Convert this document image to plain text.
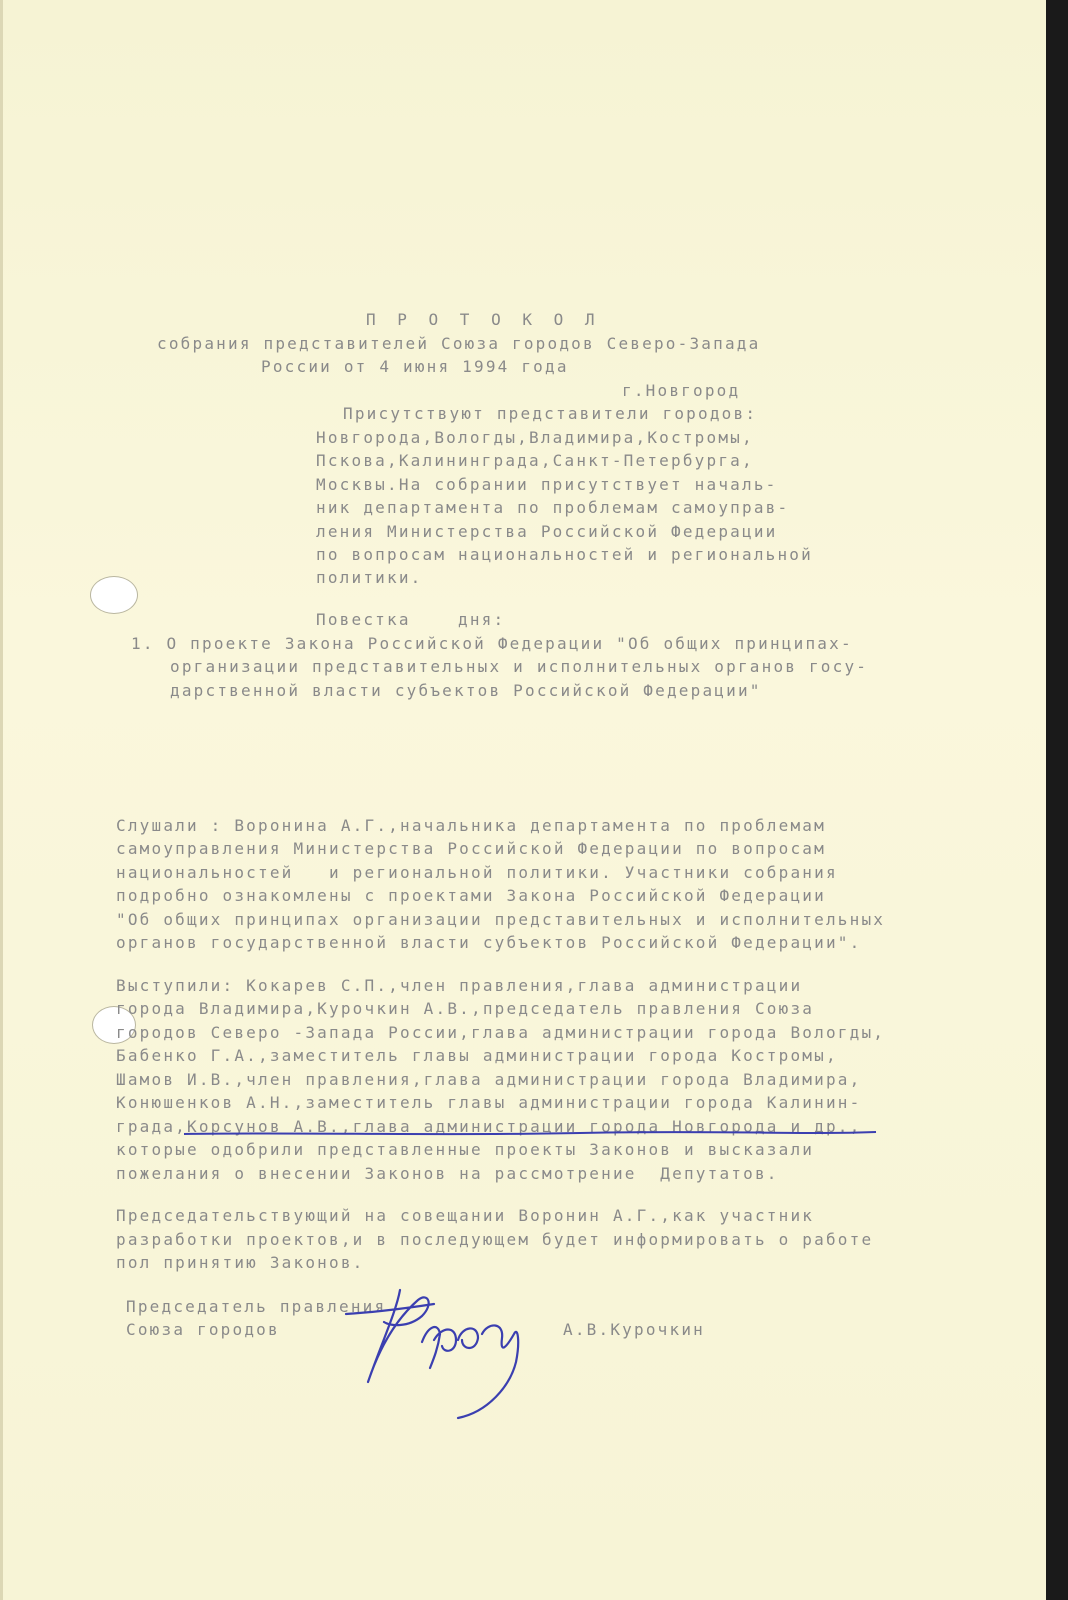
П Р О Т О К О Л
собрания представителей Союза городов Северо-Запада
России от 4 июня 1994 года
г.Новгород
Присутствуют представители городов:
Новгорода,Вологды,Владимира,Костромы,
Пскова,Калининграда,Санкт-Петербурга,
Москвы.На собрании присутствует началь-
ник департамента по проблемам самоуправ-
ления Министерства Российской Федерации
по вопросам национальностей и региональной
политики.
Повестка    дня:
1. О проекте Закона Российской Федерации "Об общих принципах-
организации представительных и исполнительных органов госу-
дарственной власти субъектов Российской Федерации"
Слушали : Воронина А.Г.,начальника департамента по проблемам
самоуправления Министерства Российской Федерации по вопросам
национальностей   и региональной политики. Участники собрания
подробно ознакомлены с проектами Закона Российской Федерации
"Об общих принципах организации представительных и исполнительных
органов государственной власти субъектов Российской Федерации".
Выступили: Кокарев С.П.,член правления,глава администрации
города Владимира,Курочкин А.В.,председатель правления Союза
городов Северо -Запада России,глава администрации города Вологды,
Бабенко Г.А.,заместитель главы администрации города Костромы,
Шамов И.В.,член правления,глава администрации города Владимира,
Конюшенков А.Н.,заместитель главы администрации города Калинин-
града,Корсунов А.В.,глава администрации города Новгорода и др.,
которые одобрили представленные проекты Законов и высказали
пожелания о внесении Законов на рассмотрение  Депутатов.
Председательствующий на совещании Воронин А.Г.,как участник
разработки проектов,и в последующем будет информировать о работе
пол принятию Законов.
Председатель правления
Союза городов	А.В.Курочкин
